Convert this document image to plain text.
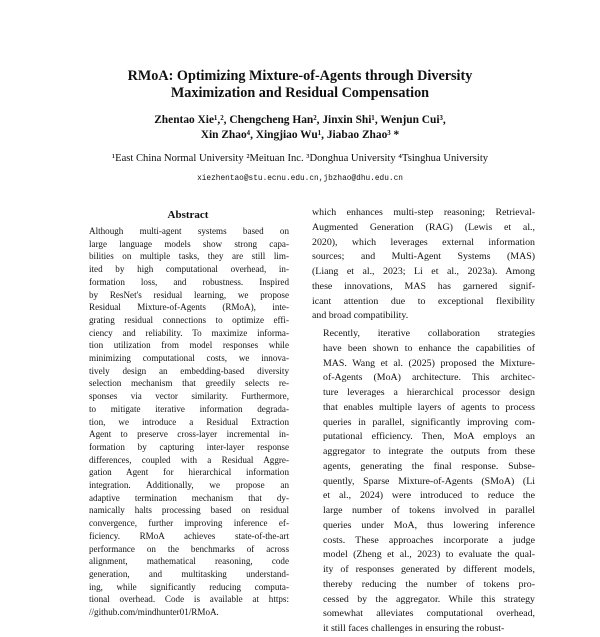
RMoA: Optimizing Mixture-of-Agents through Diversity
Maximization and Residual Compensation
Zhentao Xie¹,², Chengcheng Han², Jinxin Shi¹, Wenjun Cui³,
Xin Zhao⁴, Xingjiao Wu¹, Jiabao Zhao³ *
¹East China Normal University ²Meituan Inc. ³Donghua University ⁴Tsinghua University
xiezhentao@stu.ecnu.edu.cn,jbzhao@dhu.edu.cn
Abstract
Although multi-agent systems based on
large language models show strong capa-
bilities on multiple tasks, they are still lim-
ited by high computational overhead, in-
formation loss, and robustness. Inspired
by ResNet's residual learning, we propose
Residual Mixture-of-Agents (RMoA), inte-
grating residual connections to optimize effi-
ciency and reliability. To maximize informa-
tion utilization from model responses while
minimizing computational costs, we innova-
tively design an embedding-based diversity
selection mechanism that greedily selects re-
sponses via vector similarity. Furthermore,
to mitigate iterative information degrada-
tion, we introduce a Residual Extraction
Agent to preserve cross-layer incremental in-
formation by capturing inter-layer response
differences, coupled with a Residual Aggre-
gation Agent for hierarchical information
integration. Additionally, we propose an
adaptive termination mechanism that dy-
namically halts processing based on residual
convergence, further improving inference ef-
ficiency. RMoA achieves state-of-the-art
performance on the benchmarks of across
alignment, mathematical reasoning, code
generation, and multitasking understand-
ing, while significantly reducing computa-
tional overhead. Code is available at https:
//github.com/mindhunter01/RMoA.

which enhances multi-step reasoning; Retrieval-
Augmented Generation (RAG) (Lewis et al.,
2020), which leverages external information
sources; and Multi-Agent Systems (MAS)
(Liang et al., 2023; Li et al., 2023a). Among
these innovations, MAS has garnered signif-
icant attention due to exceptional flexibility
and broad compatibility.

Recently, iterative collaboration strategies
have been shown to enhance the capabilities of
MAS. Wang et al. (2025) proposed the Mixture-
of-Agents (MoA) architecture. This architec-
ture leverages a hierarchical processor design
that enables multiple layers of agents to process
queries in parallel, significantly improving com-
putational efficiency. Then, MoA employs an
aggregator to integrate the outputs from these
agents, generating the final response. Subse-
quently, Sparse Mixture-of-Agents (SMoA) (Li
et al., 2024) were introduced to reduce the
large number of tokens involved in parallel
queries under MoA, thus lowering inference
costs. These approaches incorporate a judge
model (Zheng et al., 2023) to evaluate the qual-
ity of responses generated by different models,
thereby reducing the number of tokens pro-
cessed by the aggregator. While this strategy
somewhat alleviates computational overhead,
it still faces challenges in ensuring the robust-
